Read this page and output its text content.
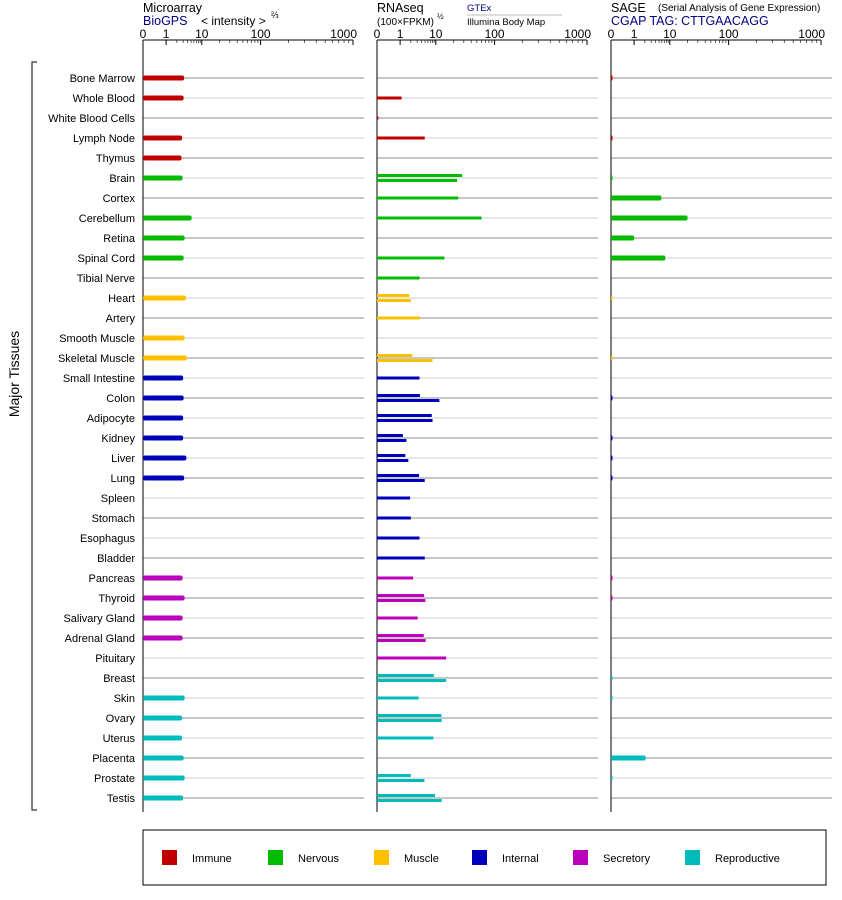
0 1 10	100	1000 0 1 10	100	1000 0 1 10	100	1000
Bone Marrow
Whole Blood
White Blood Cells
Lymph Node
Thymus
Brain
Cortex
Cerebellum
Retina
Spinal Cord
Tibial Nerve
Heart
Artery
Smooth Muscle
Skeletal Muscle
Small Intestine
Colon
Adipocyte
Kidney
Liver
Lung
Spleen
Stomach
Esophagus
Bladder
Pancreas
Thyroid
Salivary Gland
Adrenal Gland
Pituitary
Breast
Skin
Ovary
Uterus
Placenta
Prostate
Testis
Microarray
BioGPS < intensity > ⅔	RNAseq
(100×FPKM)
½
GTEx
Illumina Body Map
SAGE (Serial Analysis of Gene Expression)
CGAP TAG: CTTGAACAGG
Major Tissues
Immune	Nervous	Muscle	Internal	Secretory	Reproductive
